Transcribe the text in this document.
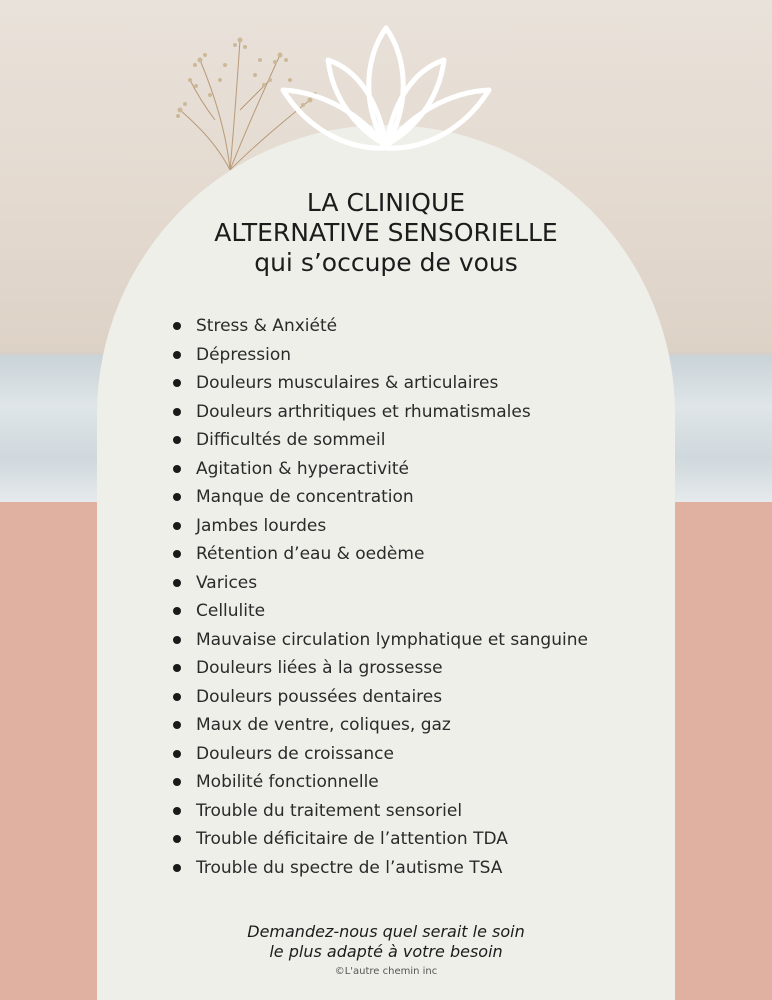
LA CLINIQUE
ALTERNATIVE SENSORIELLE
qui s’occupe de vous
Stress & Anxiété
Dépression
Douleurs musculaires & articulaires
Douleurs arthritiques et rhumatismales
Difficultés de sommeil
Agitation & hyperactivité
Manque de concentration
Jambes lourdes
Rétention d’eau & oedème
Varices
Cellulite
Mauvaise circulation lymphatique et sanguine
Douleurs liées à la grossesse
Douleurs poussées dentaires
Maux de ventre, coliques, gaz
Douleurs de croissance
Mobilité fonctionnelle
Trouble du traitement sensoriel
Trouble déficitaire de l’attention TDA
Trouble du spectre de l’autisme TSA
Demandez-nous quel serait le soin
le plus adapté à votre besoin
©L'autre chemin inc
